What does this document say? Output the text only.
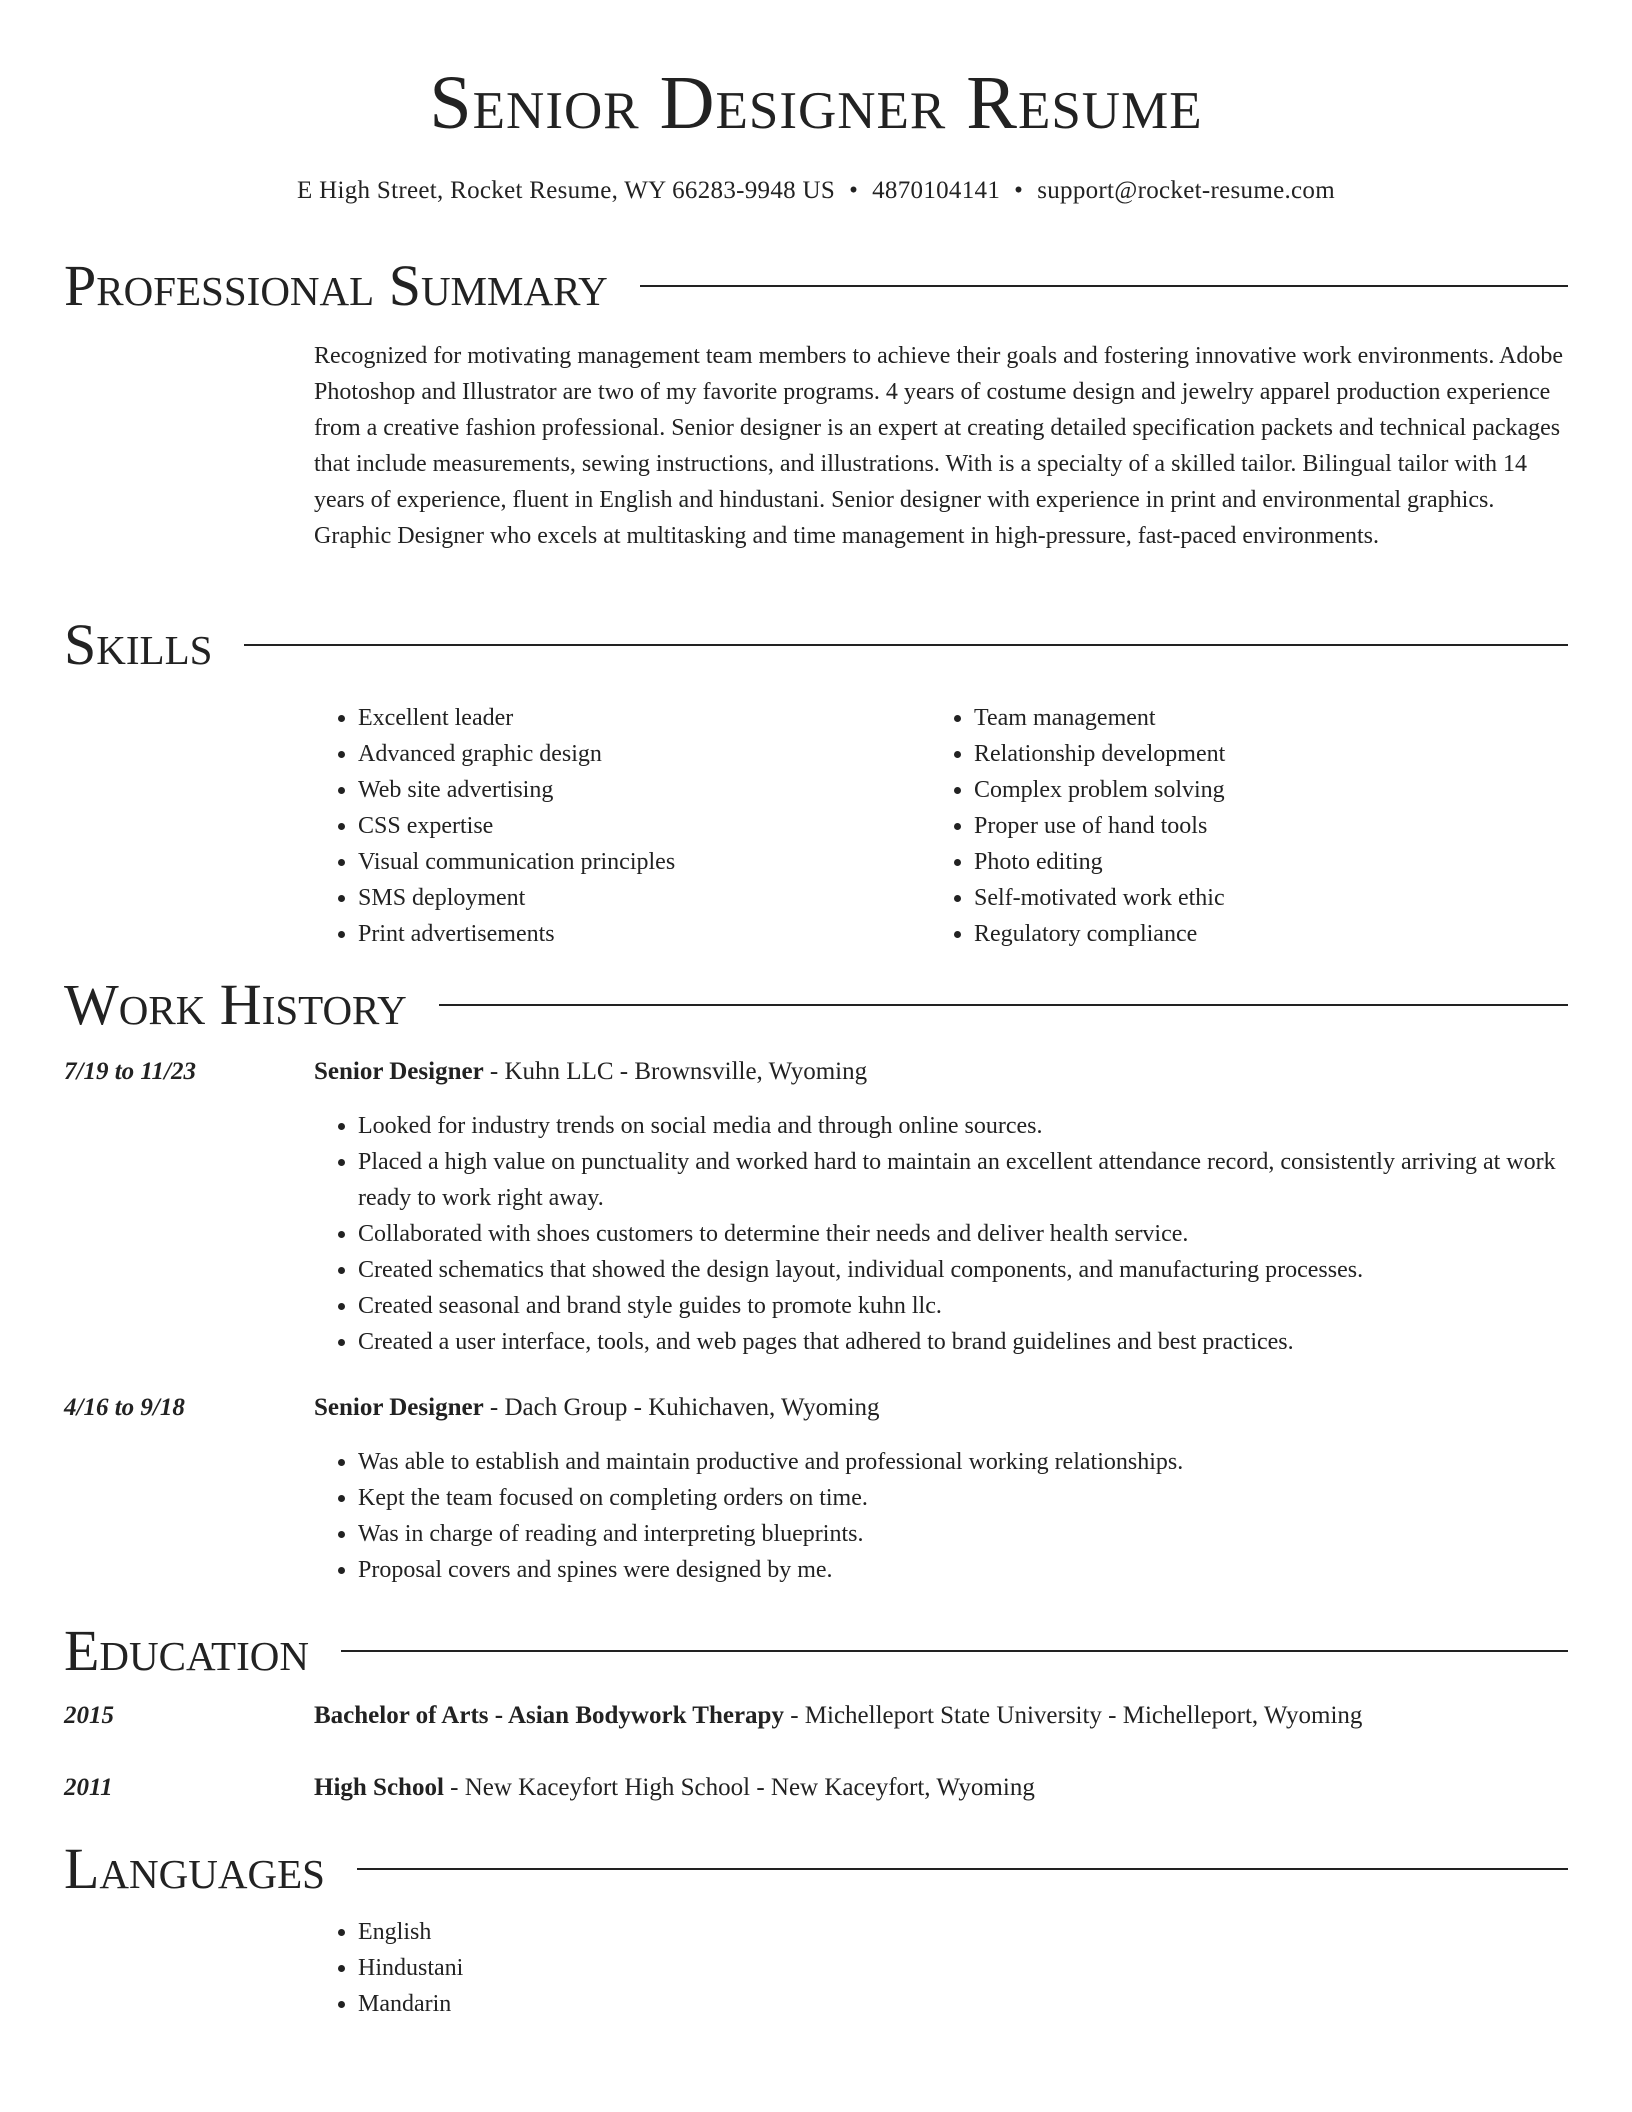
Senior Designer Resume
E High Street, Rocket Resume, WY 66283-9948 US • 4870104141 • support@rocket-resume.com
Professional Summary

Recognized for motivating management team members to achieve their goals and fostering innovative work environments. Adobe Photoshop and Illustrator are two of my favorite programs. 4 years of costume design and jewelry apparel production experience from a creative fashion professional. Senior designer is an expert at creating detailed specification packets and technical packages that include measurements, sewing instructions, and illustrations. With is a specialty of a skilled tailor. Bilingual tailor with 14 years of experience, fluent in English and hindustani. Senior designer with experience in print and environmental graphics. Graphic Designer who excels at multitasking and time management in high-pressure, fast-paced environments.

Skills
• Excellent leader
• Advanced graphic design
• Web site advertising
• CSS expertise
• Visual communication principles
• SMS deployment
• Print advertisements
• Team management
• Relationship development
• Complex problem solving
• Proper use of hand tools
• Photo editing
• Self-motivated work ethic
• Regulatory compliance
Work History
7/19 to 11/23	Senior Designer - Kuhn LLC - Brownsville, Wyoming
• Looked for industry trends on social media and through online sources.
• Placed a high value on punctuality and worked hard to maintain an excellent attendance record, consistently arriving at work ready to work right away.
• Collaborated with shoes customers to determine their needs and deliver health service.
• Created schematics that showed the design layout, individual components, and manufacturing processes.
• Created seasonal and brand style guides to promote kuhn llc.
• Created a user interface, tools, and web pages that adhered to brand guidelines and best practices.
4/16 to 9/18	Senior Designer - Dach Group - Kuhichaven, Wyoming
• Was able to establish and maintain productive and professional working relationships.
• Kept the team focused on completing orders on time.
• Was in charge of reading and interpreting blueprints.
• Proposal covers and spines were designed by me.
Education
2015	Bachelor of Arts - Asian Bodywork Therapy - Michelleport State University - Michelleport, Wyoming
2011	High School - New Kaceyfort High School - New Kaceyfort, Wyoming
Languages
• English
• Hindustani
• Mandarin
